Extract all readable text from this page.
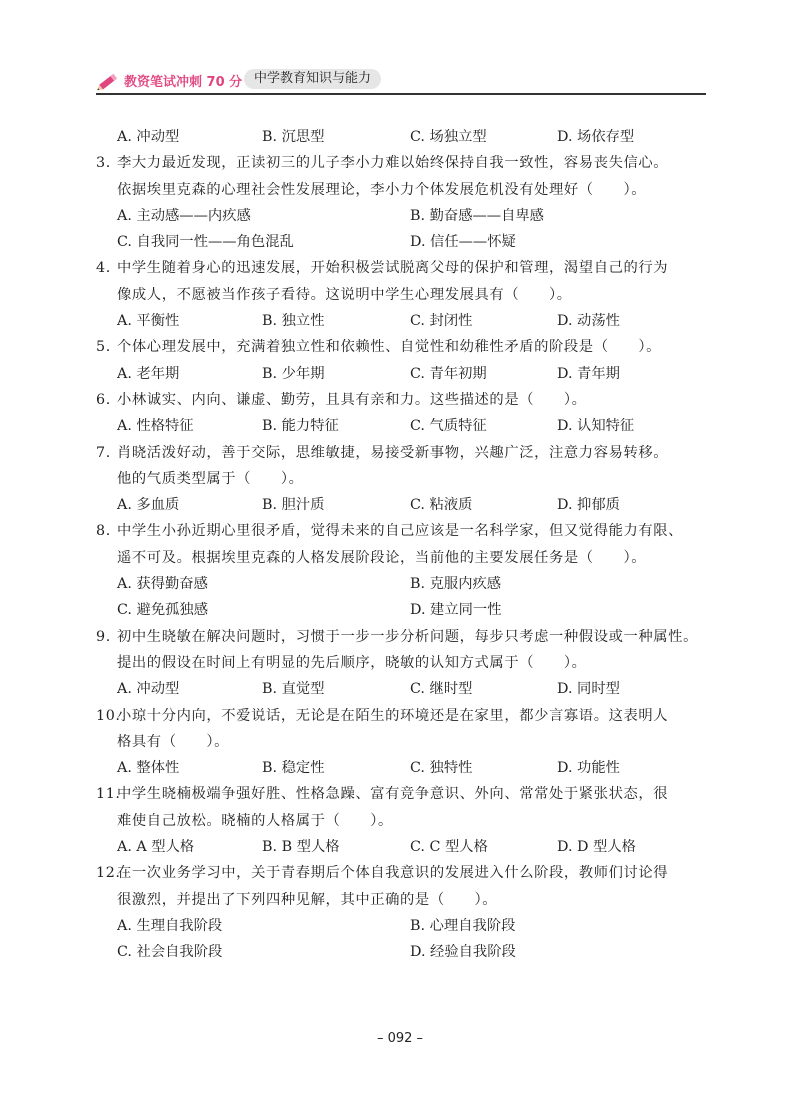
教资笔试冲刺 70 分 中学教育知识与能力
A. 冲动型	B. 沉思型	C. 场独立型	D. 场依存型
3. 李大力最近发现，正读初三的儿子李小力难以始终保持自我一致性，容易丧失信心。
依据埃里克森的心理社会性发展理论，李小力个体发展危机没有处理好（　　）。
A. 主动感——内疚感	B. 勤奋感——自卑感
C. 自我同一性——角色混乱	D. 信任——怀疑
4. 中学生随着身心的迅速发展，开始积极尝试脱离父母的保护和管理，渴望自己的行为
像成人，不愿被当作孩子看待。这说明中学生心理发展具有（　　）。
A. 平衡性	B. 独立性	C. 封闭性	D. 动荡性
5. 个体心理发展中，充满着独立性和依赖性、自觉性和幼稚性矛盾的阶段是（　　）。
A. 老年期	B. 少年期	C. 青年初期	D. 青年期
6. 小林诚实、内向、谦虚、勤劳，且具有亲和力。这些描述的是（　　）。
A. 性格特征	B. 能力特征	C. 气质特征	D. 认知特征
7. 肖晓活泼好动，善于交际，思维敏捷，易接受新事物，兴趣广泛，注意力容易转移。
他的气质类型属于（　　）。
A. 多血质	B. 胆汁质	C. 粘液质	D. 抑郁质
8. 中学生小孙近期心里很矛盾，觉得未来的自己应该是一名科学家，但又觉得能力有限、
遥不可及。根据埃里克森的人格发展阶段论，当前他的主要发展任务是（　　）。
A. 获得勤奋感	B. 克服内疚感
C. 避免孤独感	D. 建立同一性
9. 初中生晓敏在解决问题时，习惯于一步一步分析问题，每步只考虑一种假设或一种属性。
提出的假设在时间上有明显的先后顺序，晓敏的认知方式属于（　　）。
A. 冲动型	B. 直觉型	C. 继时型	D. 同时型
10.小琼十分内向，不爱说话，无论是在陌生的环境还是在家里，都少言寡语。这表明人
格具有（　　）。
A. 整体性	B. 稳定性	C. 独特性	D. 功能性
11.中学生晓楠极端争强好胜、性格急躁、富有竞争意识、外向、常常处于紧张状态，很
难使自己放松。晓楠的人格属于（　　）。
A. A 型人格	B. B 型人格	C. C 型人格	D. D 型人格
12.在一次业务学习中，关于青春期后个体自我意识的发展进入什么阶段，教师们讨论得
很激烈，并提出了下列四种见解，其中正确的是（　　）。
A. 生理自我阶段	B. 心理自我阶段
C. 社会自我阶段	D. 经验自我阶段
– 092 –
